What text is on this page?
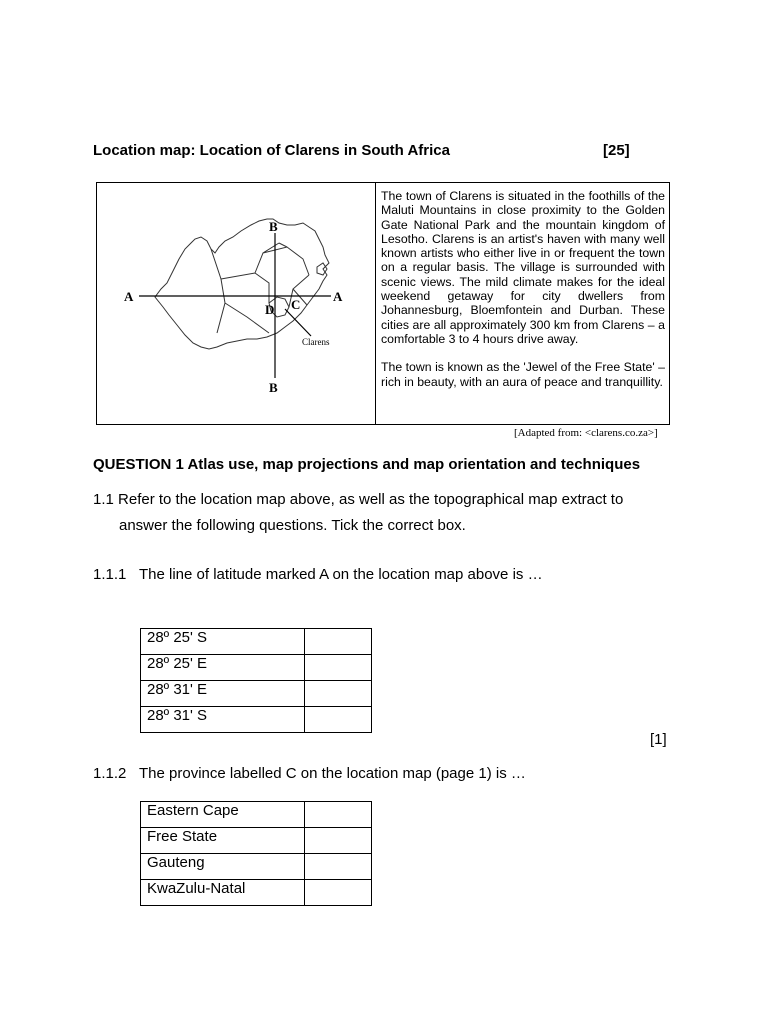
Location map: Location of Clarens in South Africa	[25]
B
B
A	A
C
D
Clarens

The town of Clarens is situated in the foothills of the Maluti Mountains in close proximity to the Golden Gate National Park and the mountain kingdom of Lesotho. Clarens is an artist's haven with many well known artists who either live in or frequent the town on a regular basis. The village is surrounded with scenic views. The mild climate makes for the ideal weekend getaway for city dwellers from Johannesburg, Bloemfontein and Durban. These cities are all approximately 300 km from Clarens – a comfortable 3 to 4 hours drive away.

The town is known as the 'Jewel of the Free State' – rich in beauty, with an aura of peace and tranquillity.

[Adapted from: <clarens.co.za>]
QUESTION 1 Atlas use, map projections and map orientation and techniques
1.1 Refer to the location map above, as well as the topographical map extract to
answer the following questions. Tick the correct box.
1.1.1 The line of latitude marked A on the location map above is …
28º 25' S	
28º 25' E	
28º 31' E	
28º 31' S	
[1]
1.1.2 The province labelled C on the location map (page 1) is …
Eastern Cape	
Free State	
Gauteng	
KwaZulu-Natal	
